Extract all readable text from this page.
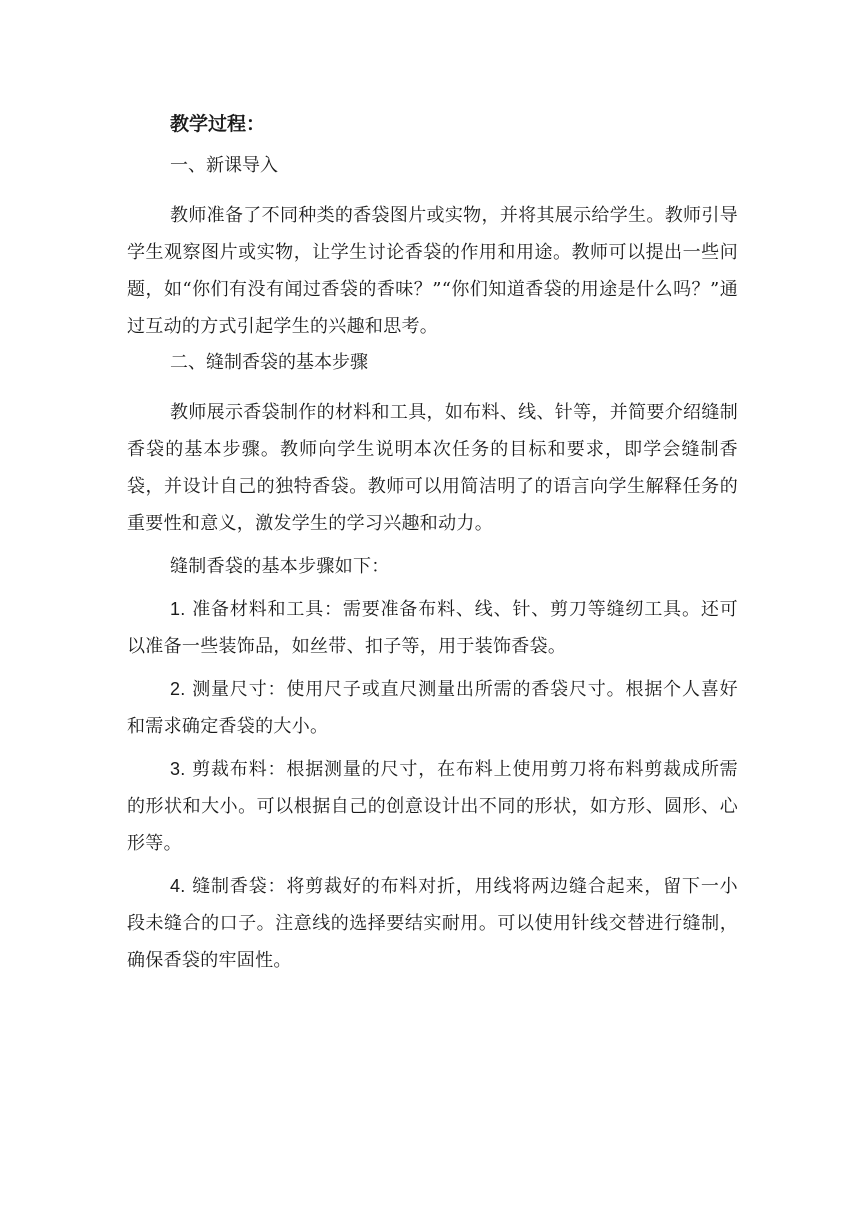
教学过程：
一、新课导入

教师准备了不同种类的香袋图片或实物，并将其展示给学生。教师引导学生观察图片或实物，让学生讨论香袋的作用和用途。教师可以提出一些问题，如“你们有没有闻过香袋的香味？”“你们知道香袋的用途是什么吗？”通过互动的方式引起学生的兴趣和思考。

二、缝制香袋的基本步骤

教师展示香袋制作的材料和工具，如布料、线、针等，并简要介绍缝制香袋的基本步骤。教师向学生说明本次任务的目标和要求，即学会缝制香袋，并设计自己的独特香袋。教师可以用简洁明了的语言向学生解释任务的重要性和意义，激发学生的学习兴趣和动力。

缝制香袋的基本步骤如下：

1. 准备材料和工具：需要准备布料、线、针、剪刀等缝纫工具。还可以准备一些装饰品，如丝带、扣子等，用于装饰香袋。

2. 测量尺寸：使用尺子或直尺测量出所需的香袋尺寸。根据个人喜好和需求确定香袋的大小。

3. 剪裁布料：根据测量的尺寸，在布料上使用剪刀将布料剪裁成所需的形状和大小。可以根据自己的创意设计出不同的形状，如方形、圆形、心形等。

4. 缝制香袋：将剪裁好的布料对折，用线将两边缝合起来，留下一小段未缝合的口子。注意线的选择要结实耐用。可以使用针线交替进行缝制，确保香袋的牢固性。
